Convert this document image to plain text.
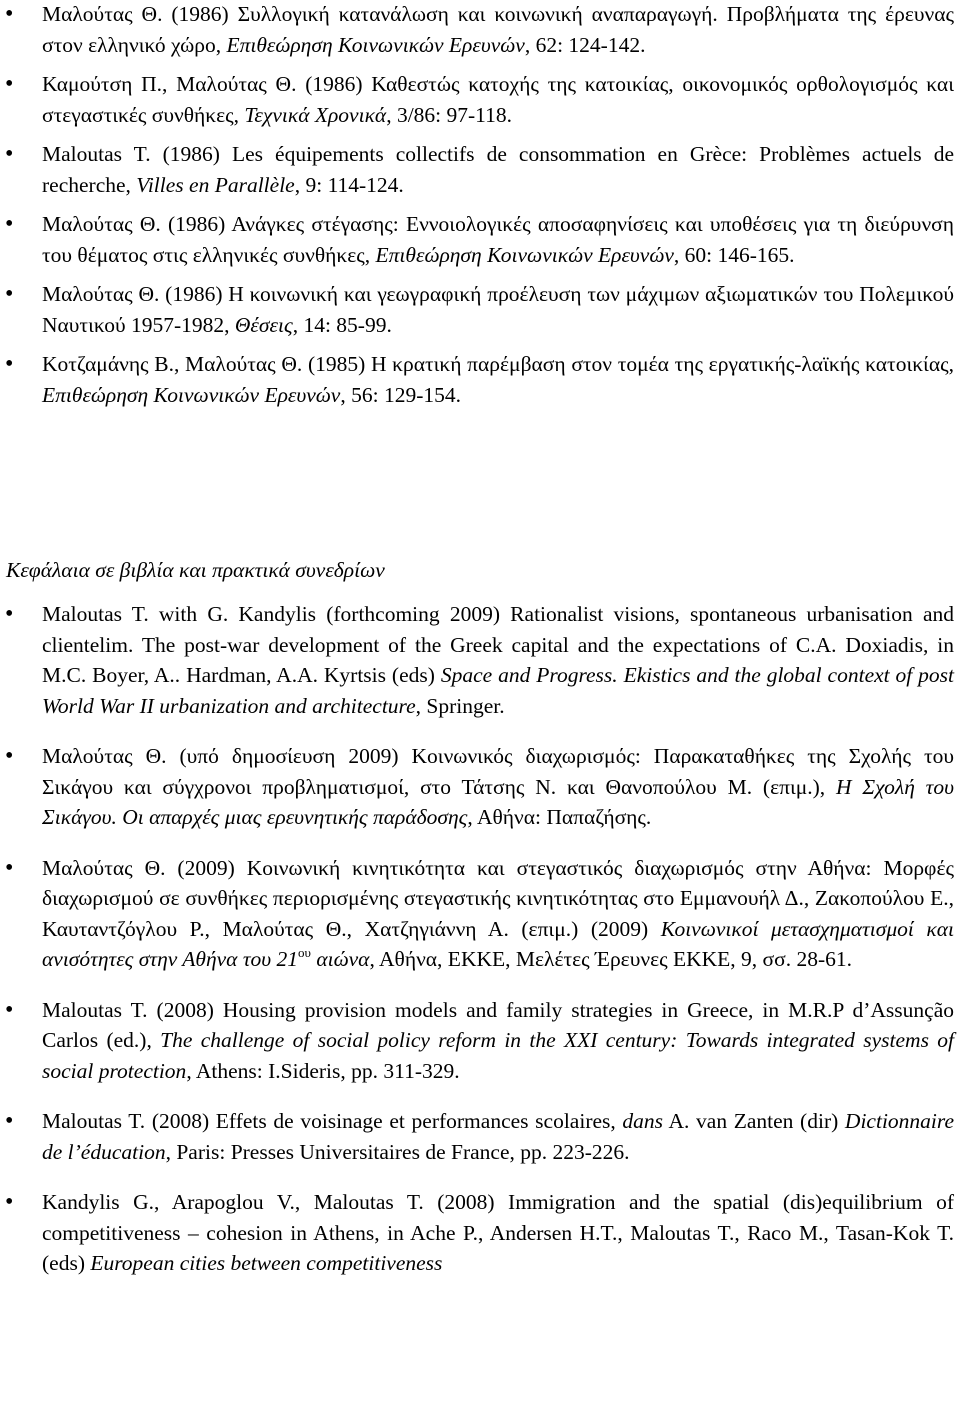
• Μαλούτας Θ. (1986) Συλλογική κατανάλωση και κοινωνική αναπαραγωγή. Προβλήματα της έρευνας στον ελληνικό χώρο, Επιθεώρηση Κοινωνικών Ερευνών, 62: 124-142.
• Καμούτση Π., Μαλούτας Θ. (1986) Καθεστώς κατοχής της κατοικίας, οικονομικός ορθολογισμός και στεγαστικές συνθήκες, Τεχνικά Χρονικά, 3/86: 97-118.
• Maloutas T. (1986) Les équipements collectifs de consommation en Grèce: Problèmes actuels de recherche, Villes en Parallèle, 9: 114-124.
• Μαλούτας Θ. (1986) Ανάγκες στέγασης: Εννοιολογικές αποσαφηνίσεις και υποθέσεις για τη διεύρυνση του θέματος στις ελληνικές συνθήκες, Επιθεώρηση Κοινωνικών Ερευνών, 60: 146-165.
• Μαλούτας Θ. (1986) Η κοινωνική και γεωγραφική προέλευση των μάχιμων αξιωματικών του Πολεμικού Ναυτικού 1957-1982, Θέσεις, 14: 85-99.
• Κοτζαμάνης Β., Μαλούτας Θ. (1985) Η κρατική παρέμβαση στον τομέα της εργατικής-λαϊκής κατοικίας, Επιθεώρηση Κοινωνικών Ερευνών, 56: 129-154.
Κεφάλαια σε βιβλία και πρακτικά συνεδρίων
• Maloutas T. with G. Kandylis (forthcoming 2009) Rationalist visions, spontaneous urbanisation and clientelim. The post-war development of the Greek capital and the expectations of C.A. Doxiadis, in M.C. Boyer, A.. Hardman, A.A. Kyrtsis (eds) Space and Progress. Ekistics and the global context of post World War II urbanization and architecture, Springer.
• Μαλούτας Θ. (υπό δημοσίευση 2009) Κοινωνικός διαχωρισμός: Παρακαταθήκες της Σχολής του Σικάγου και σύγχρονοι προβληματισμοί, στο Τάτσης Ν. και Θανοπούλου Μ. (επιμ.), Η Σχολή του Σικάγου. Οι απαρχές μιας ερευνητικής παράδοσης, Αθήνα: Παπαζήσης.
• Μαλούτας Θ. (2009) Κοινωνική κινητικότητα και στεγαστικός διαχωρισμός στην Αθήνα: Μορφές διαχωρισμού σε συνθήκες περιορισμένης στεγαστικής κινητικότητας στο Εμμανουήλ Δ., Ζακοπούλου Ε., Καυταντζόγλου Ρ., Μαλούτας Θ., Χατζηγιάννη Α. (επιμ.) (2009) Κοινωνικοί μετασχηματισμοί και ανισότητες στην Αθήνα του $21^{o\upsilon}$ αιώνα, Αθήνα, ΕΚΚΕ, Μελέτες Έρευνες ΕΚΚΕ, 9, σσ. 28-61.
• Maloutas T. (2008) Housing provision models and family strategies in Greece, in M.R.P d’Assunção Carlos (ed.), The challenge of social policy reform in the XXI century: Towards integrated systems of social protection, Athens: I.Sideris, pp. 311-329.
• Maloutas T. (2008) Effets de voisinage et performances scolaires, dans A. van Zanten (dir) Dictionnaire de l’éducation, Paris: Presses Universitaires de France, pp. 223-226.
• Kandylis G., Arapoglou V., Maloutas T. (2008) Immigration and the spatial (dis)equilibrium of competitiveness – cohesion in Athens, in Ache P., Andersen H.T., Maloutas T., Raco M., Tasan-Kok T. (eds) European cities between competitiveness
